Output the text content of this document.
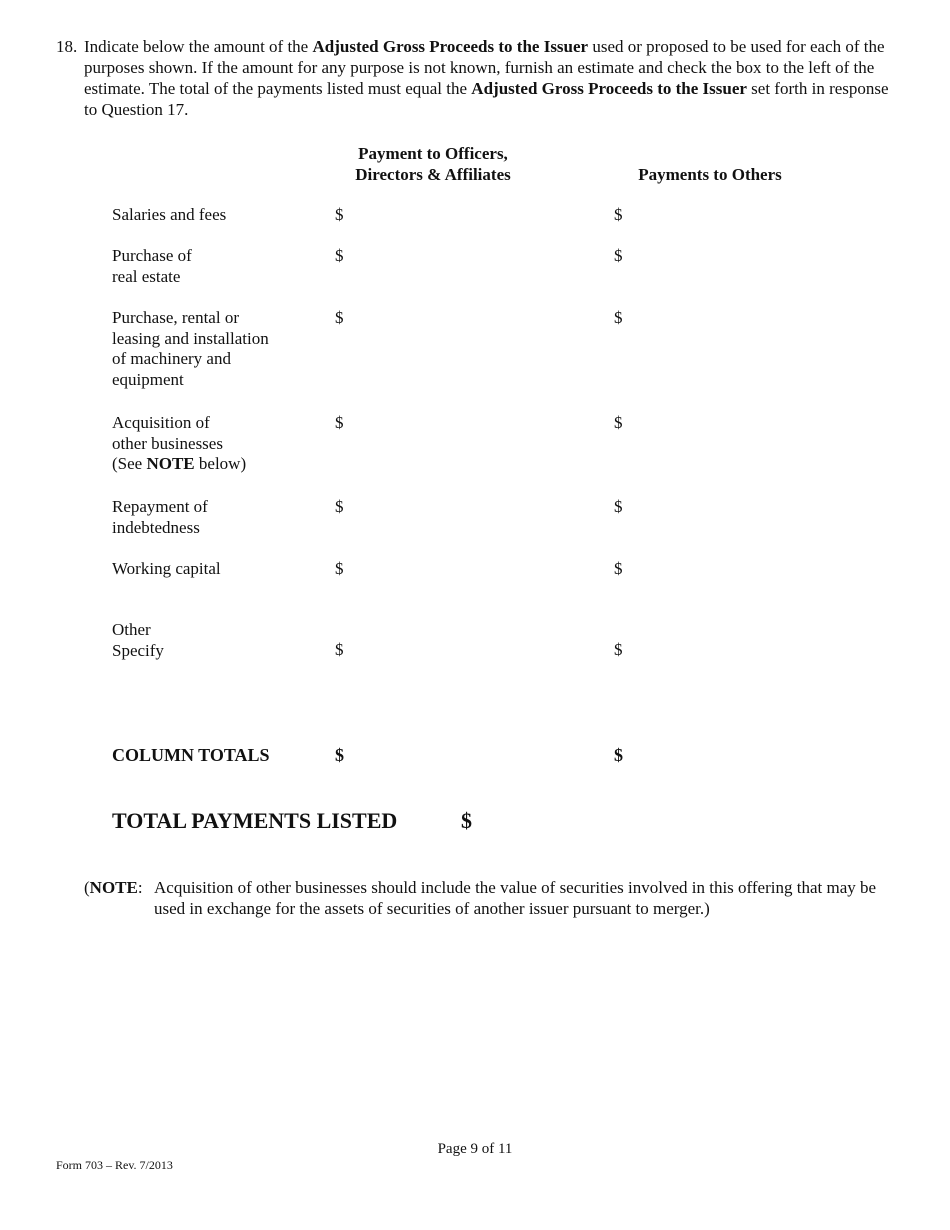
18. Indicate below the amount of the Adjusted Gross Proceeds to the Issuer used or proposed to be used for each of the purposes shown. If the amount for any purpose is not known, furnish an estimate and check the box to the left of the estimate. The total of the payments listed must equal the Adjusted Gross Proceeds to the Issuer set forth in response to Question 17.
Payment to Officers,
Directors & Affiliates	Payments to Others
Salaries and fees	$	$
Purchase of
real estate
$	$
Purchase, rental or
leasing and installation
of machinery and
equipment
$	$
Acquisition of
other businesses
(See NOTE below)
$	$
Repayment of
indebtedness
$	$
Working capital	$	$
Other
Specify	$	$
COLUMN TOTALS	$	$
TOTAL PAYMENTS LISTED	$
(NOTE: Acquisition of other businesses should include the value of securities involved in this offering that may be used in exchange for the assets of securities of another issuer pursuant to merger.)
Page 9 of 11
Form 703 – Rev. 7/2013
